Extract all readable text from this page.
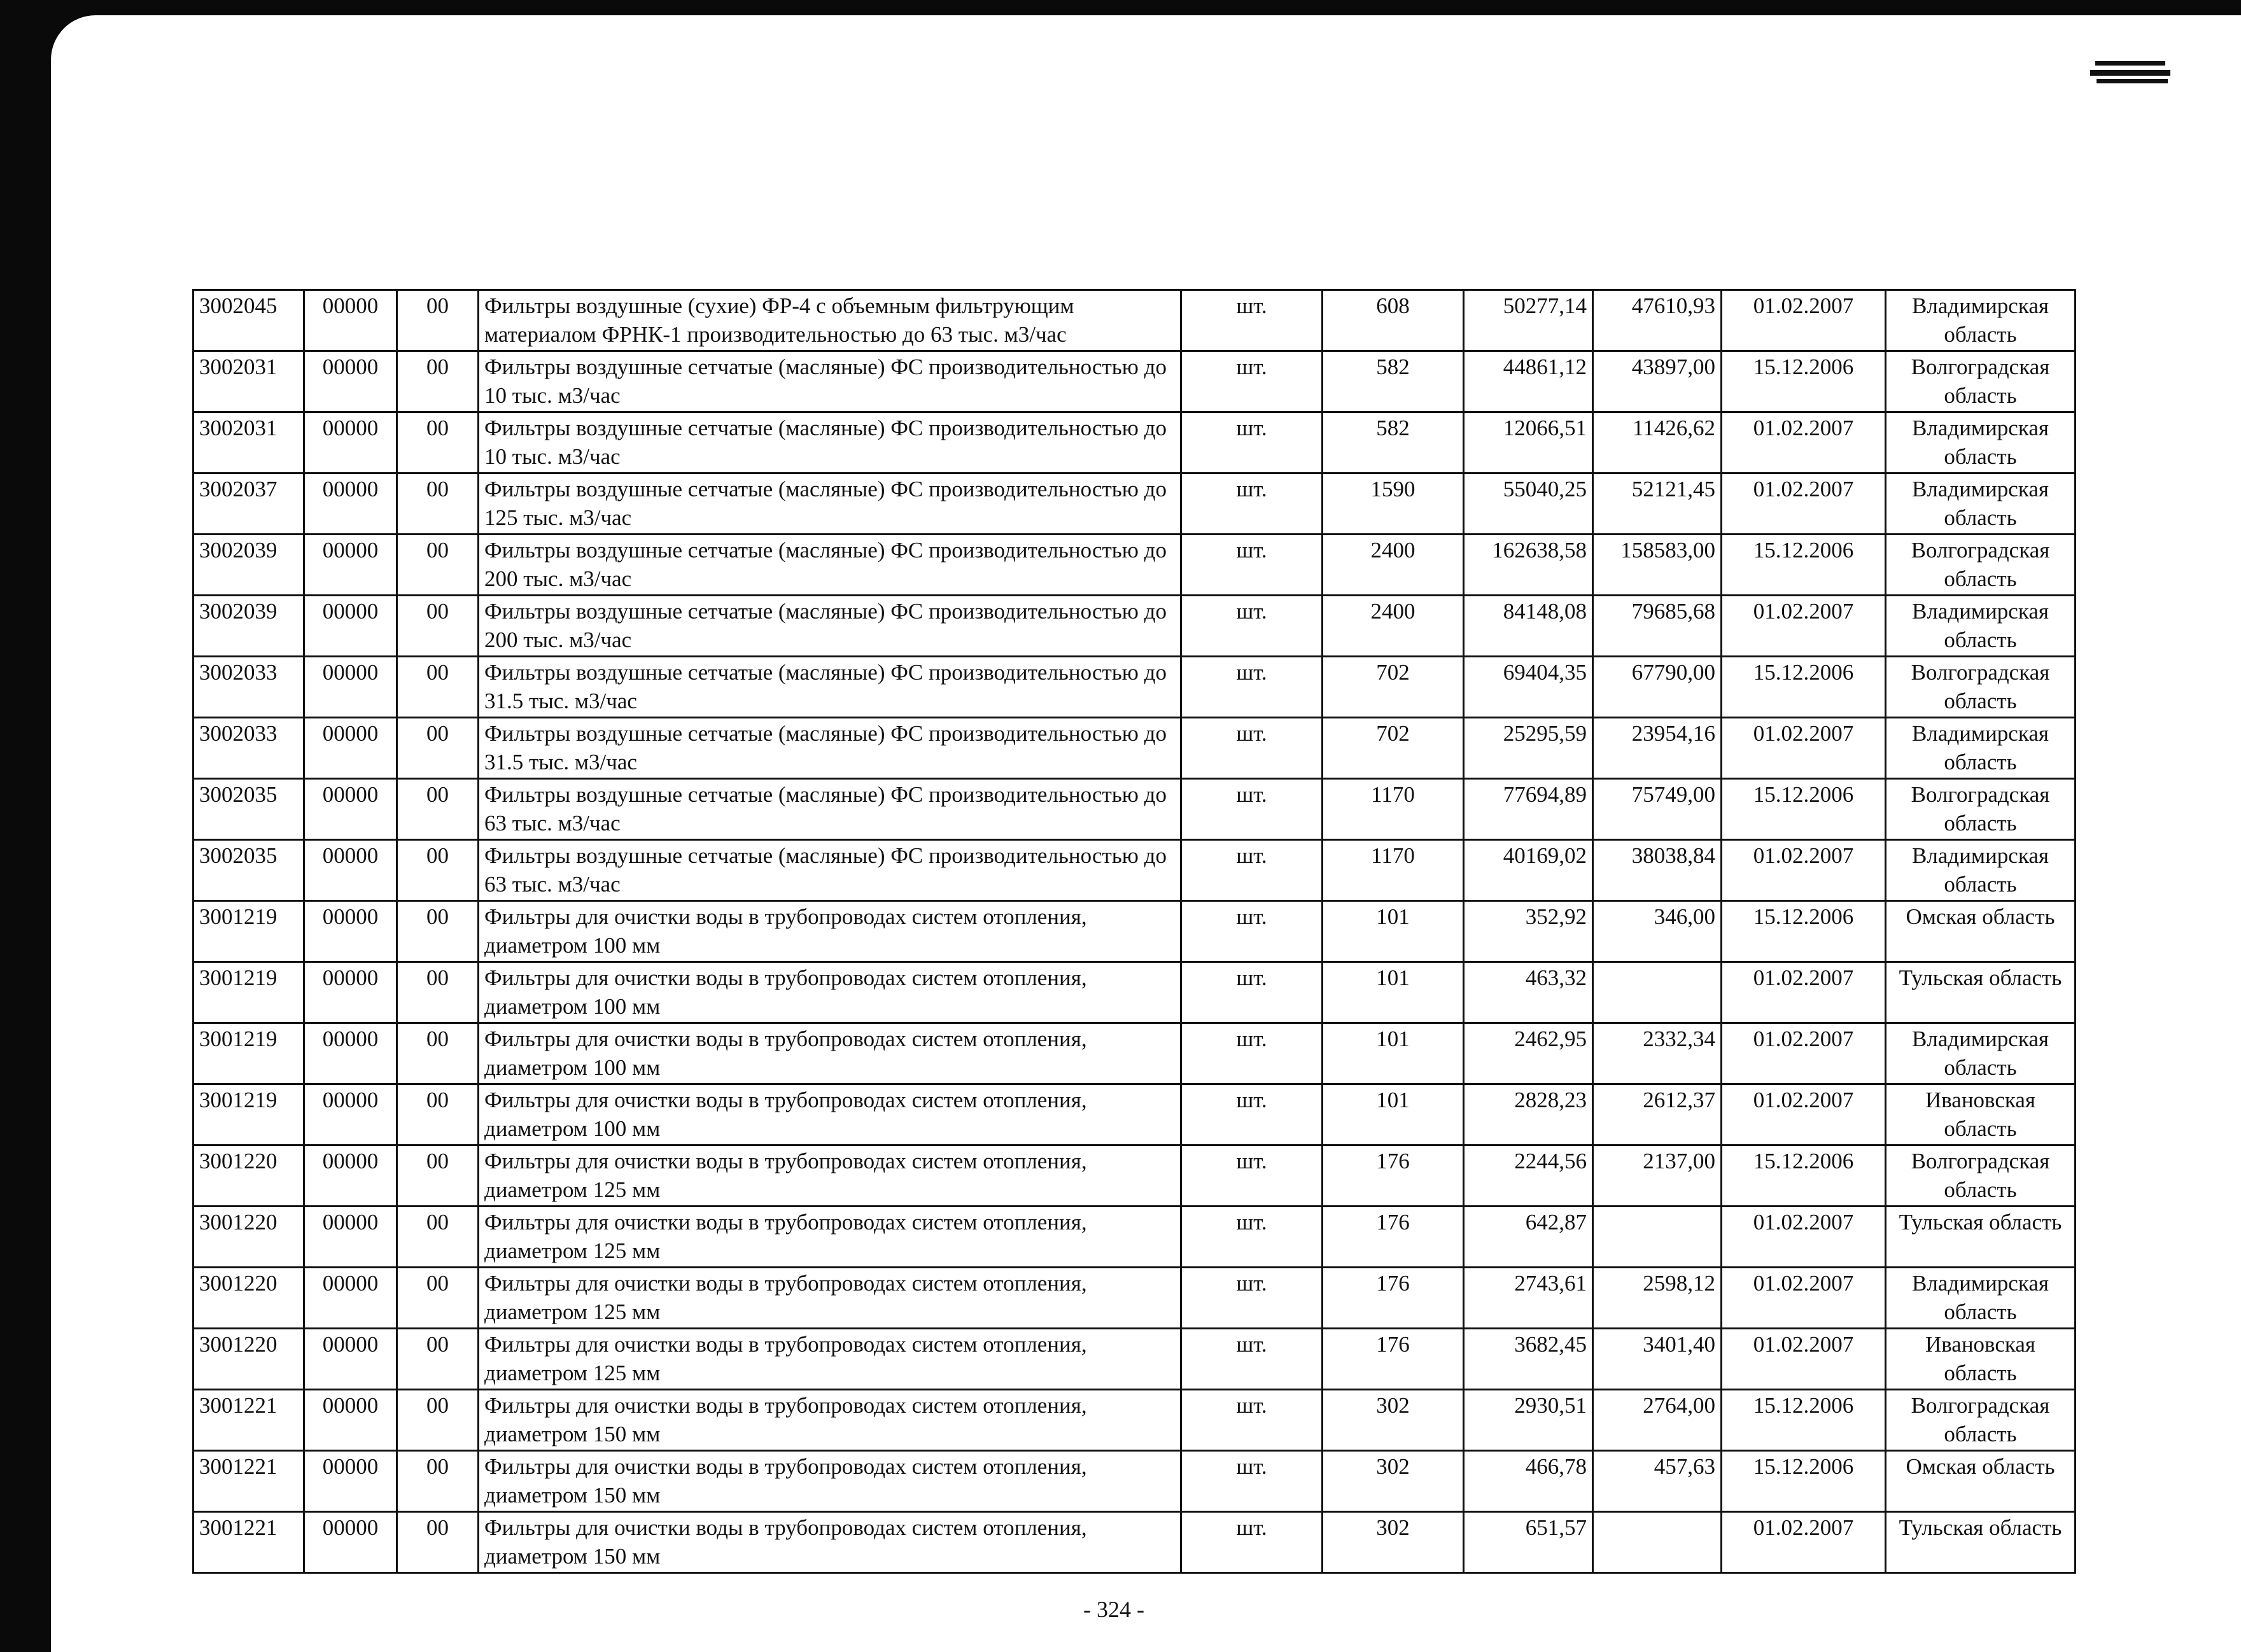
3002045	00000	00	Фильтры воздушные (сухие) ФР-4 с объемным фильтрующим материалом ФРНК-1 производительностью до 63 тыс. м3/час	шт.	608	50277,14	47610,93	01.02.2007	Владимирская область
3002031	00000	00	Фильтры воздушные сетчатые (масляные) ФС производительностью до 10 тыс. м3/час	шт.	582	44861,12	43897,00	15.12.2006	Волгоградская область
3002031	00000	00	Фильтры воздушные сетчатые (масляные) ФС производительностью до 10 тыс. м3/час	шт.	582	12066,51	11426,62	01.02.2007	Владимирская область
3002037	00000	00	Фильтры воздушные сетчатые (масляные) ФС производительностью до 125 тыс. м3/час	шт.	1590	55040,25	52121,45	01.02.2007	Владимирская область
3002039	00000	00	Фильтры воздушные сетчатые (масляные) ФС производительностью до 200 тыс. м3/час	шт.	2400	162638,58	158583,00	15.12.2006	Волгоградская область
3002039	00000	00	Фильтры воздушные сетчатые (масляные) ФС производительностью до 200 тыс. м3/час	шт.	2400	84148,08	79685,68	01.02.2007	Владимирская область
3002033	00000	00	Фильтры воздушные сетчатые (масляные) ФС производительностью до 31.5 тыс. м3/час	шт.	702	69404,35	67790,00	15.12.2006	Волгоградская область
3002033	00000	00	Фильтры воздушные сетчатые (масляные) ФС производительностью до 31.5 тыс. м3/час	шт.	702	25295,59	23954,16	01.02.2007	Владимирская область
3002035	00000	00	Фильтры воздушные сетчатые (масляные) ФС производительностью до 63 тыс. м3/час	шт.	1170	77694,89	75749,00	15.12.2006	Волгоградская область
3002035	00000	00	Фильтры воздушные сетчатые (масляные) ФС производительностью до 63 тыс. м3/час	шт.	1170	40169,02	38038,84	01.02.2007	Владимирская область
3001219	00000	00	Фильтры для очистки воды в трубопроводах систем отопления, диаметром 100 мм	шт.	101	352,92	346,00	15.12.2006	Омская область
3001219	00000	00	Фильтры для очистки воды в трубопроводах систем отопления, диаметром 100 мм	шт.	101	463,32		01.02.2007	Тульская область
3001219	00000	00	Фильтры для очистки воды в трубопроводах систем отопления, диаметром 100 мм	шт.	101	2462,95	2332,34	01.02.2007	Владимирская область
3001219	00000	00	Фильтры для очистки воды в трубопроводах систем отопления, диаметром 100 мм	шт.	101	2828,23	2612,37	01.02.2007	Ивановская область
3001220	00000	00	Фильтры для очистки воды в трубопроводах систем отопления, диаметром 125 мм	шт.	176	2244,56	2137,00	15.12.2006	Волгоградская область
3001220	00000	00	Фильтры для очистки воды в трубопроводах систем отопления, диаметром 125 мм	шт.	176	642,87		01.02.2007	Тульская область
3001220	00000	00	Фильтры для очистки воды в трубопроводах систем отопления, диаметром 125 мм	шт.	176	2743,61	2598,12	01.02.2007	Владимирская область
3001220	00000	00	Фильтры для очистки воды в трубопроводах систем отопления, диаметром 125 мм	шт.	176	3682,45	3401,40	01.02.2007	Ивановская область
3001221	00000	00	Фильтры для очистки воды в трубопроводах систем отопления, диаметром 150 мм	шт.	302	2930,51	2764,00	15.12.2006	Волгоградская область
3001221	00000	00	Фильтры для очистки воды в трубопроводах систем отопления, диаметром 150 мм	шт.	302	466,78	457,63	15.12.2006	Омская область
3001221	00000	00	Фильтры для очистки воды в трубопроводах систем отопления, диаметром 150 мм	шт.	302	651,57		01.02.2007	Тульская область
- 324 -
